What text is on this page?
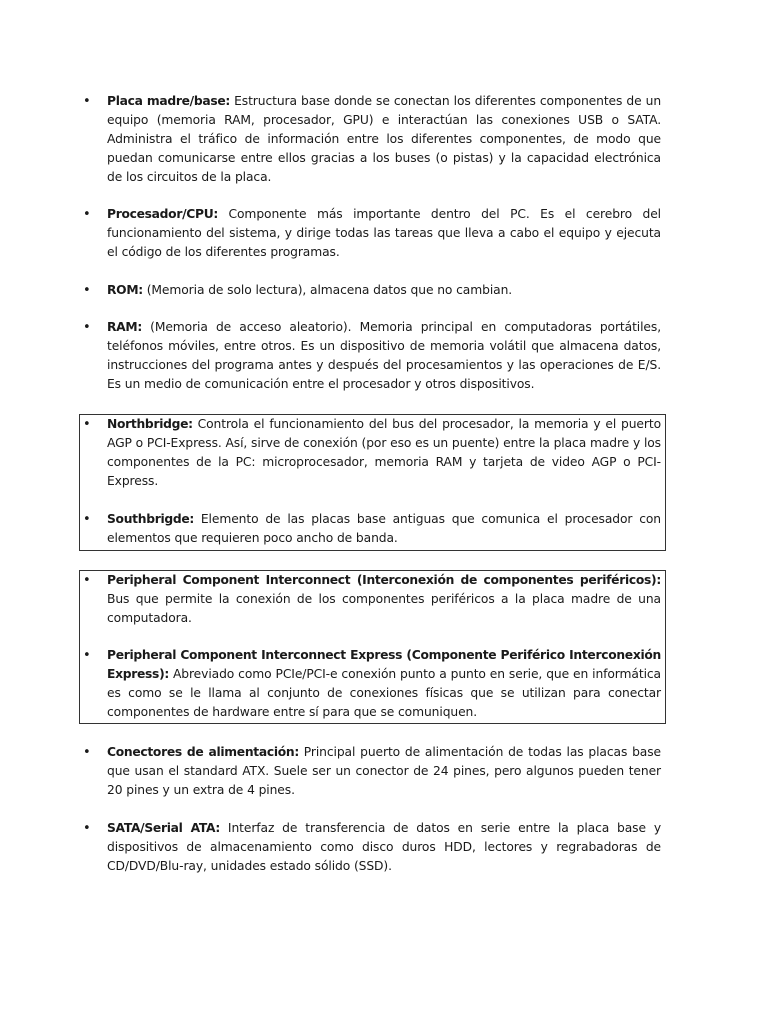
• Placa madre/base: Estructura base donde se conectan los diferentes componentes de un equipo (memoria RAM, procesador, GPU) e interactúan las conexiones USB o SATA. Administra el tráfico de información entre los diferentes componentes, de modo que puedan comunicarse entre ellos gracias a los buses (o pistas) y la capacidad electrónica de los circuitos de la placa.
• Procesador/CPU: Componente más importante dentro del PC. Es el cerebro del funcionamiento del sistema, y dirige todas las tareas que lleva a cabo el equipo y ejecuta el código de los diferentes programas.
• ROM: (Memoria de solo lectura), almacena datos que no cambian.
• RAM: (Memoria de acceso aleatorio). Memoria principal en computadoras portátiles, teléfonos móviles, entre otros. Es un dispositivo de memoria volátil que almacena datos, instrucciones del programa antes y después del procesamientos y las operaciones de E/S. Es un medio de comunicación entre el procesador y otros dispositivos.
• Northbridge: Controla el funcionamiento del bus del procesador, la memoria y el puerto AGP o PCI-Express. Así, sirve de conexión (por eso es un puente) entre la placa madre y los componentes de la PC: microprocesador, memoria RAM y tarjeta de video AGP o PCI-Express.
• Southbrigde: Elemento de las placas base antiguas que comunica el procesador con elementos que requieren poco ancho de banda.
• Peripheral Component Interconnect (Interconexión de componentes periféricos): Bus que permite la conexión de los componentes periféricos a la placa madre de una computadora.
• Peripheral Component Interconnect Express (Componente Periférico Interconexión Express): Abreviado como PCIe/PCI-e conexión punto a punto en serie, que en informática es como se le llama al conjunto de conexiones físicas que se utilizan para conectar componentes de hardware entre sí para que se comuniquen.
• Conectores de alimentación: Principal puerto de alimentación de todas las placas base que usan el standard ATX. Suele ser un conector de 24 pines, pero algunos pueden tener 20 pines y un extra de 4 pines.
• SATA/Serial ATA: Interfaz de transferencia de datos en serie entre la placa base y dispositivos de almacenamiento como disco duros HDD, lectores y regrabadoras de CD/DVD/Blu-ray, unidades estado sólido (SSD).
